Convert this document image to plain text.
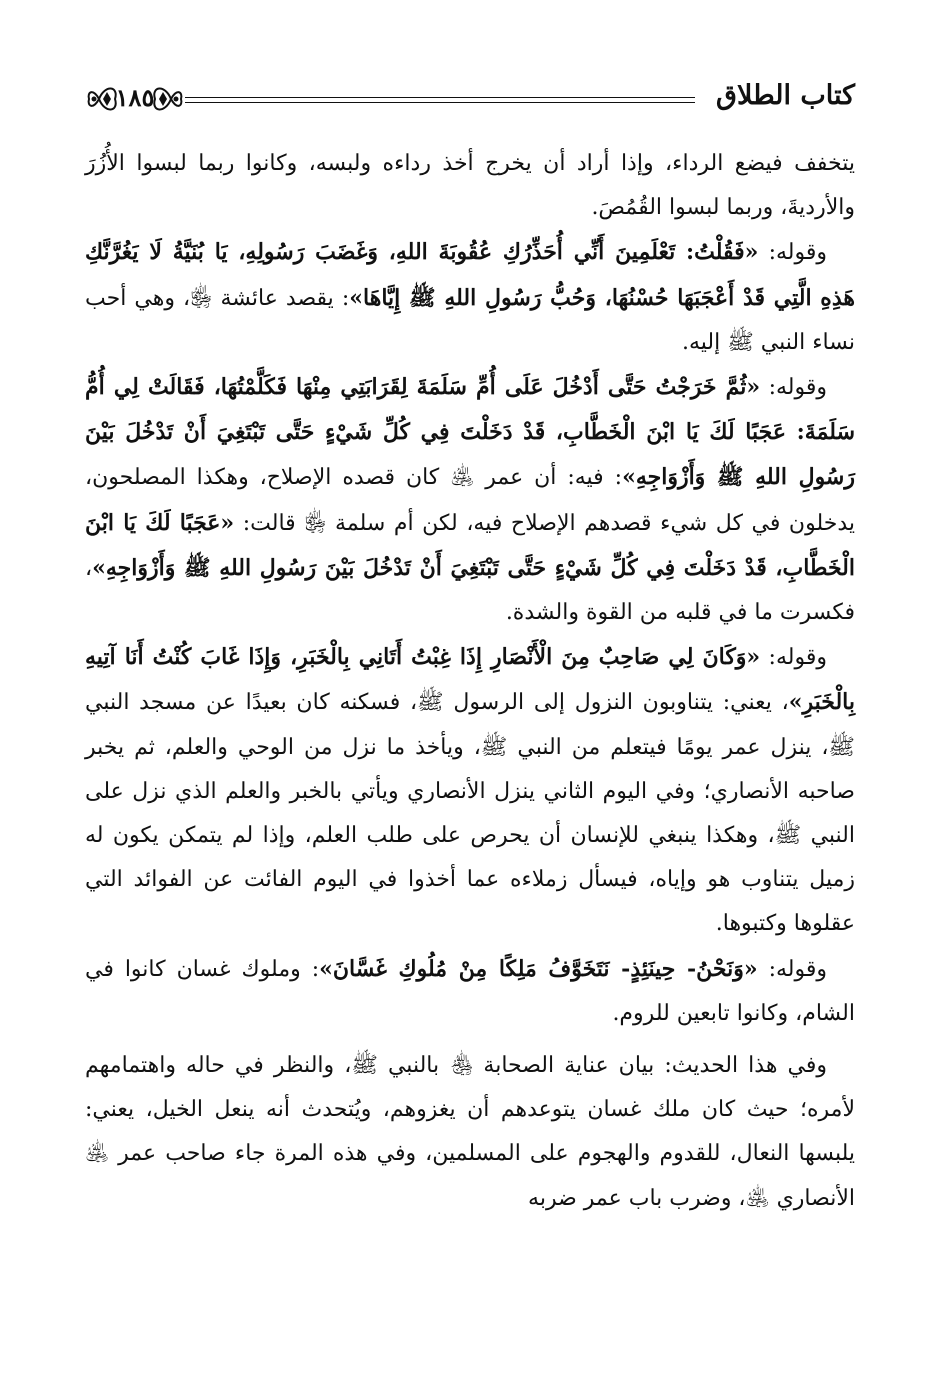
كتاب الطلاق
١٨٥

يتخفف فيضع الرداء، وإذا أراد أن يخرج أخذ رداءه ولبسه، وكانوا ربما لبسوا الأُزُرَ والأرديةَ، وربما لبسوا القُمُصَ.

وقوله: «فَقُلْتُ: تَعْلَمِينَ أَنِّي أُحَذِّرُكِ عُقُوبَةَ اللهِ، وَغَضَبَ رَسُولِهِ، يَا بُنَيَّةُ لَا يَغُرَّنَّكِ هَذِهِ الَّتِي قَدْ أَعْجَبَهَا حُسْنُهَا، وَحُبُّ رَسُولِ اللهِ ﷺ إِيَّاهَا»: يقصد عائشة ﵂، وهي أحب نساء النبي ﷺ إليه.

وقوله: «ثُمَّ خَرَجْتُ حَتَّى أَدْخُلَ عَلَى أُمِّ سَلَمَةَ لِقَرَابَتِي مِنْهَا فَكَلَّمْتُهَا، فَقَالَتْ لِي أُمُّ سَلَمَةَ: عَجَبًا لَكَ يَا ابْنَ الْخَطَّابِ، قَدْ دَخَلْتَ فِي كُلِّ شَيْءٍ حَتَّى تَبْتَغِيَ أَنْ تَدْخُلَ بَيْنَ رَسُولِ اللهِ ﷺ وَأَزْوَاجِهِ»: فيه: أن عمر ﵁ كان قصده الإصلاح، وهكذا المصلحون، يدخلون في كل شيء قصدهم الإصلاح فيه، لكن أم سلمة ﵂ قالت: «عَجَبًا لَكَ يَا ابْنَ الْخَطَّابِ، قَدْ دَخَلْتَ فِي كُلِّ شَيْءٍ حَتَّى تَبْتَغِيَ أَنْ تَدْخُلَ بَيْنَ رَسُولِ اللهِ ﷺ وَأَزْوَاجِهِ»، فكسرت ما في قلبه من القوة والشدة.

وقوله: «وَكَانَ لِي صَاحِبٌ مِنَ الْأَنْصَارِ إِذَا غِبْتُ أَتَانِي بِالْخَبَرِ، وَإِذَا غَابَ كُنْتُ أَنَا آتِيهِ بِالْخَبَرِ»، يعني: يتناوبون النزول إلى الرسول ﷺ، فسكنه كان بعيدًا عن مسجد النبي ﷺ، ينزل عمر يومًا فيتعلم من النبي ﷺ، ويأخذ ما نزل من الوحي والعلم، ثم يخبر صاحبه الأنصاري؛ وفي اليوم الثاني ينزل الأنصاري ويأتي بالخبر والعلم الذي نزل على النبي ﷺ، وهكذا ينبغي للإنسان أن يحرص على طلب العلم، وإذا لم يتمكن يكون له زميل يتناوب هو وإياه، فيسأل زملاءه عما أخذوا في اليوم الفائت عن الفوائد التي عقلوها وكتبوها.

وقوله: «وَنَحْنُ- حِينَئِذٍ- نَتَخَوَّفُ مَلِكًا مِنْ مُلُوكِ غَسَّانَ»: وملوك غسان كانوا في الشام، وكانوا تابعين للروم.

وفي هذا الحديث: بيان عناية الصحابة ﵃ بالنبي ﷺ، والنظر في حاله واهتمامهم لأمره؛ حيث كان ملك غسان يتوعدهم أن يغزوهم، ويُتحدث أنه ينعل الخيل، يعني: يلبسها النعال، للقدوم والهجوم على المسلمين، وفي هذه المرة جاء صاحب عمر ﵁ الأنصاري ﵁، وضرب باب عمر ضربه
